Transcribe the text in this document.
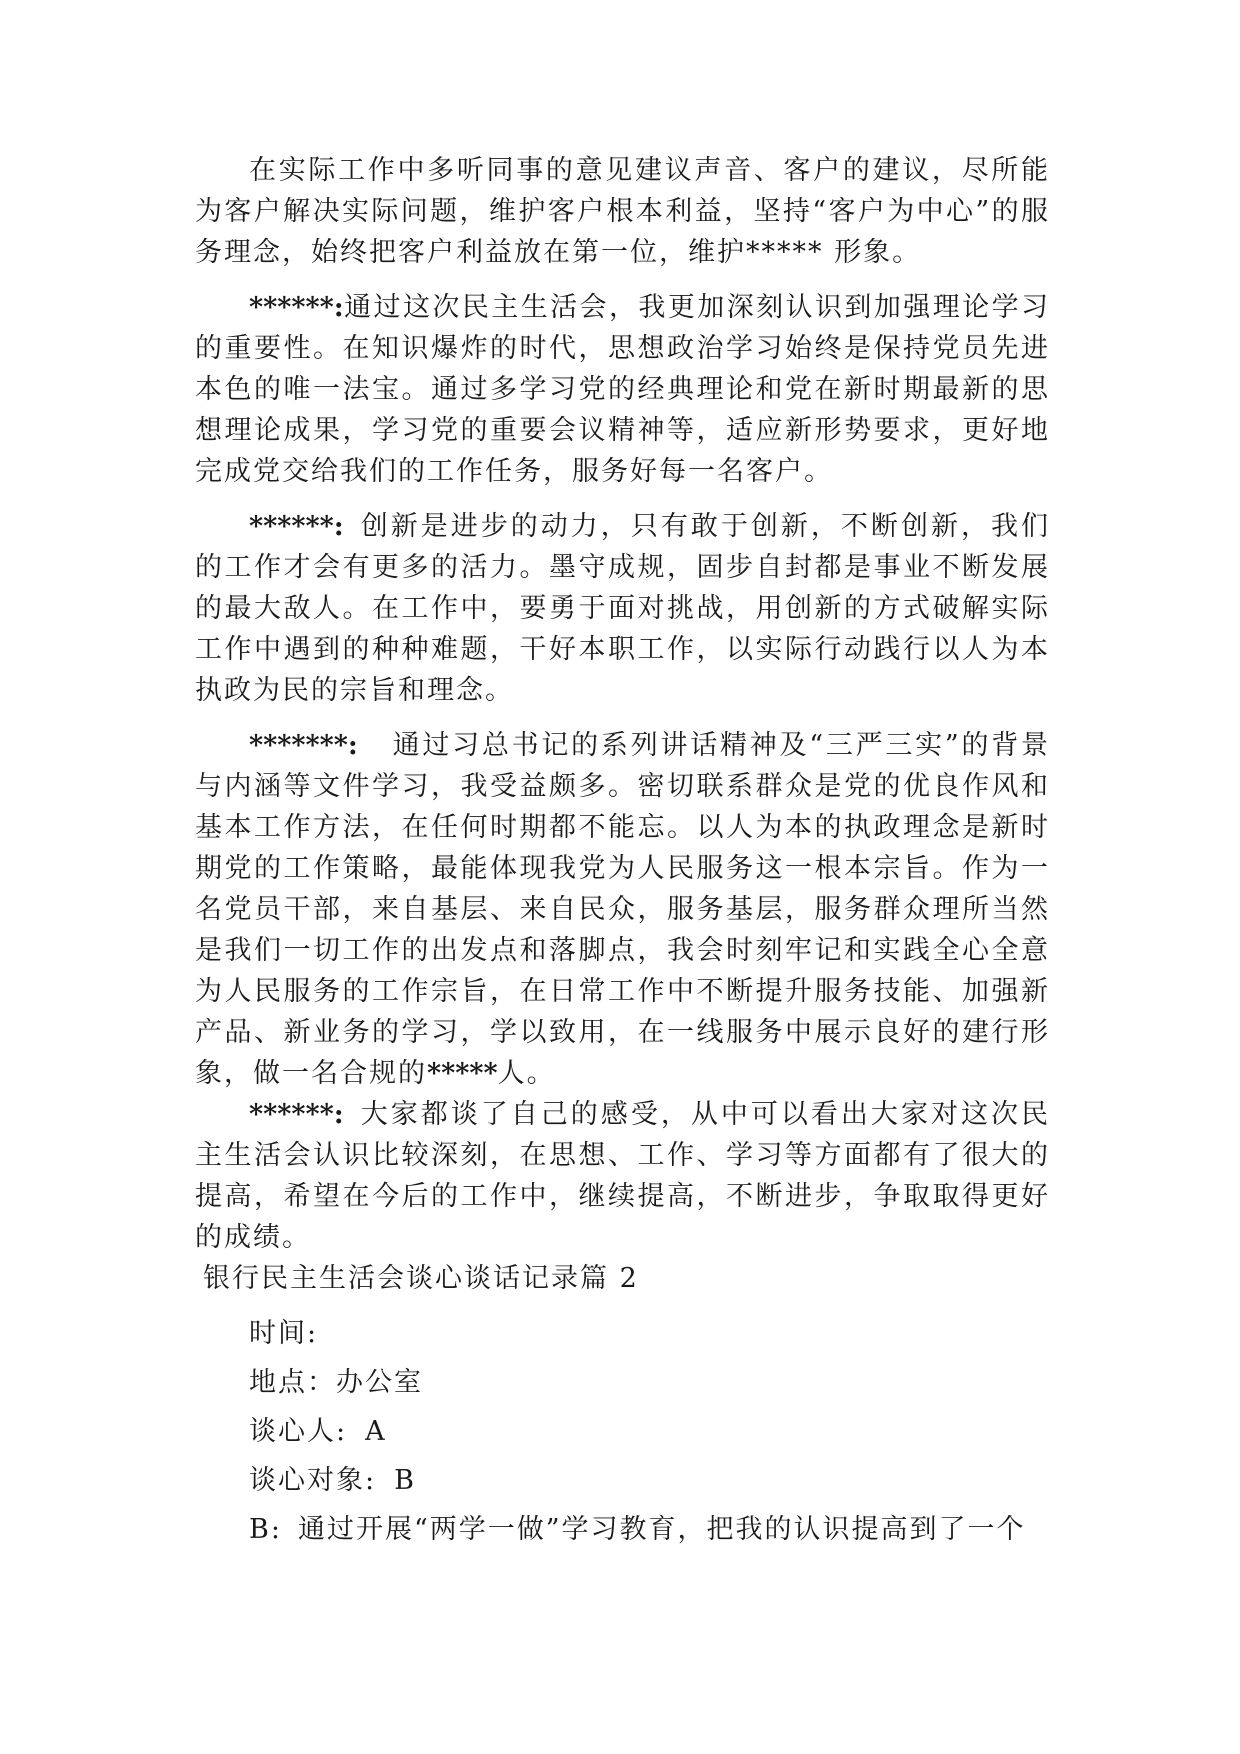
在实际工作中多听同事的意见建议声音、客户的建议，尽所能为客户解决实际问题，维护客户根本利益，坚持“客户为中心”的服务理念，始终把客户利益放在第一位，维护***** 形象。

******:通过这次民主生活会，我更加深刻认识到加强理论学习的重要性。在知识爆炸的时代，思想政治学习始终是保持党员先进本色的唯一法宝。通过多学习党的经典理论和党在新时期最新的思想理论成果，学习党的重要会议精神等，适应新形势要求，更好地完成党交给我们的工作任务，服务好每一名客户。

******: 创新是进步的动力，只有敢于创新，不断创新，我们的工作才会有更多的活力。墨守成规，固步自封都是事业不断发展的最大敌人。在工作中，要勇于面对挑战，用创新的方式破解实际工作中遇到的种种难题，干好本职工作，以实际行动践行以人为本执政为民的宗旨和理念。

*******: 通过习总书记的系列讲话精神及“三严三实”的背景与内涵等文件学习，我受益颇多。密切联系群众是党的优良作风和基本工作方法，在任何时期都不能忘。以人为本的执政理念是新时期党的工作策略，最能体现我党为人民服务这一根本宗旨。作为一名党员干部，来自基层、来自民众，服务基层，服务群众理所当然是我们一切工作的出发点和落脚点，我会时刻牢记和实践全心全意为人民服务的工作宗旨，在日常工作中不断提升服务技能、加强新产品、新业务的学习，学以致用，在一线服务中展示良好的建行形象，做一名合规的*****人。

******: 大家都谈了自己的感受，从中可以看出大家对这次民主生活会认识比较深刻，在思想、工作、学习等方面都有了很大的提高，希望在今后的工作中，继续提高，不断进步，争取取得更好的成绩。

银行民主生活会谈心谈话记录篇 2

时间:

地点：办公室

谈心人: A

谈心对象: B

B: 通过开展“两学一做”学习教育，把我的认识提高到了一个
